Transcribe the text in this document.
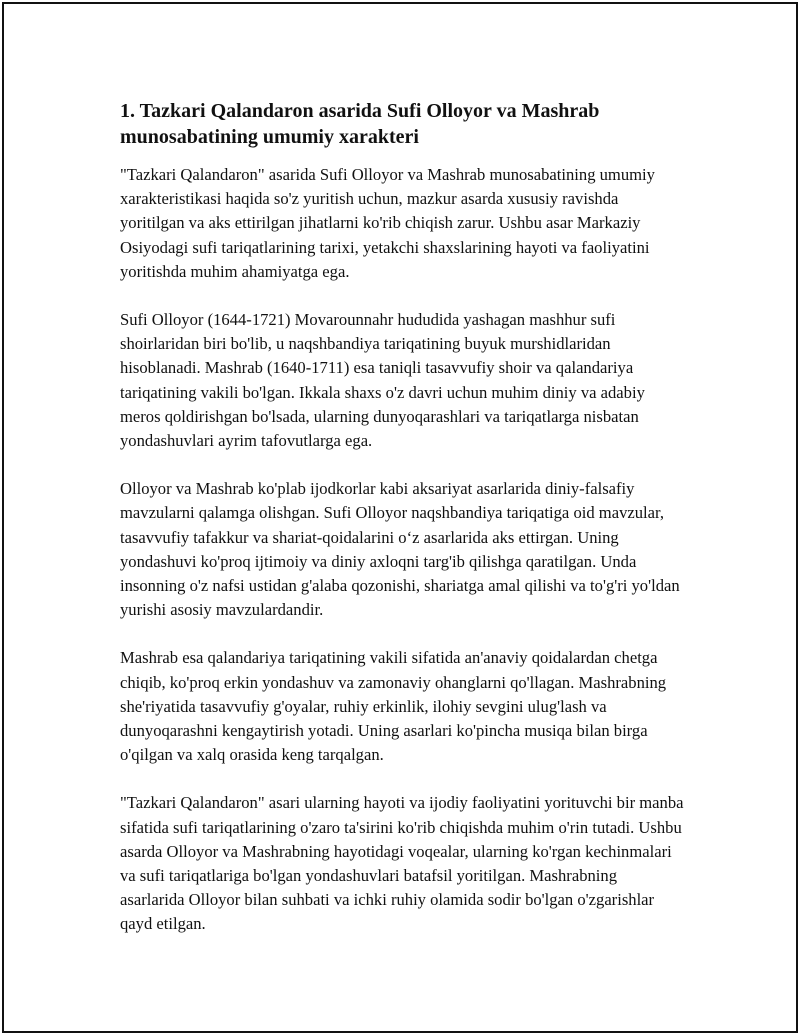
1. Tazkari Qalandaron asarida Sufi Olloyor va Mashrab munosabatining umumiy xarakteri

"Tazkari Qalandaron" asarida Sufi Olloyor va Mashrab munosabatining umumiy xarakteristikasi haqida so'z yuritish uchun, mazkur asarda xususiy ravishda yoritilgan va aks ettirilgan jihatlarni ko'rib chiqish zarur. Ushbu asar Markaziy Osiyodagi sufi tariqatlarining tarixi, yetakchi shaxslarining hayoti va faoliyatini yoritishda muhim ahamiyatga ega.

Sufi Olloyor (1644-1721) Movarounnahr hududida yashagan mashhur sufi shoirlaridan biri bo'lib, u naqshbandiya tariqatining buyuk murshidlaridan hisoblanadi. Mashrab (1640-1711) esa taniqli tasavvufiy shoir va qalandariya tariqatining vakili bo'lgan. Ikkala shaxs o'z davri uchun muhim diniy va adabiy meros qoldirishgan bo'lsada, ularning dunyoqarashlari va tariqatlarga nisbatan yondashuvlari ayrim tafovutlarga ega.

Olloyor va Mashrab ko'plab ijodkorlar kabi aksariyat asarlarida diniy-falsafiy mavzularni qalamga olishgan. Sufi Olloyor naqshbandiya tariqatiga oid mavzular, tasavvufiy tafakkur va shariat-qoidalarini o‘z asarlarida aks ettirgan. Uning yondashuvi ko'proq ijtimoiy va diniy axloqni targ'ib qilishga qaratilgan. Unda insonning o'z nafsi ustidan g'alaba qozonishi, shariatga amal qilishi va to'g'ri yo'ldan yurishi asosiy mavzulardandir.

Mashrab esa qalandariya tariqatining vakili sifatida an'anaviy qoidalardan chetga chiqib, ko'proq erkin yondashuv va zamonaviy ohanglarni qo'llagan. Mashrabning she'riyatida tasavvufiy g'oyalar, ruhiy erkinlik, ilohiy sevgini ulug'lash va dunyoqarashni kengaytirish yotadi. Uning asarlari ko'pincha musiqa bilan birga o'qilgan va xalq orasida keng tarqalgan.

"Tazkari Qalandaron" asari ularning hayoti va ijodiy faoliyatini yorituvchi bir manba sifatida sufi tariqatlarining o'zaro ta'sirini ko'rib chiqishda muhim o'rin tutadi. Ushbu asarda Olloyor va Mashrabning hayotidagi voqealar, ularning ko'rgan kechinmalari va sufi tariqatlariga bo'lgan yondashuvlari batafsil yoritilgan. Mashrabning asarlarida Olloyor bilan suhbati va ichki ruhiy olamida sodir bo'lgan o'zgarishlar qayd etilgan.
